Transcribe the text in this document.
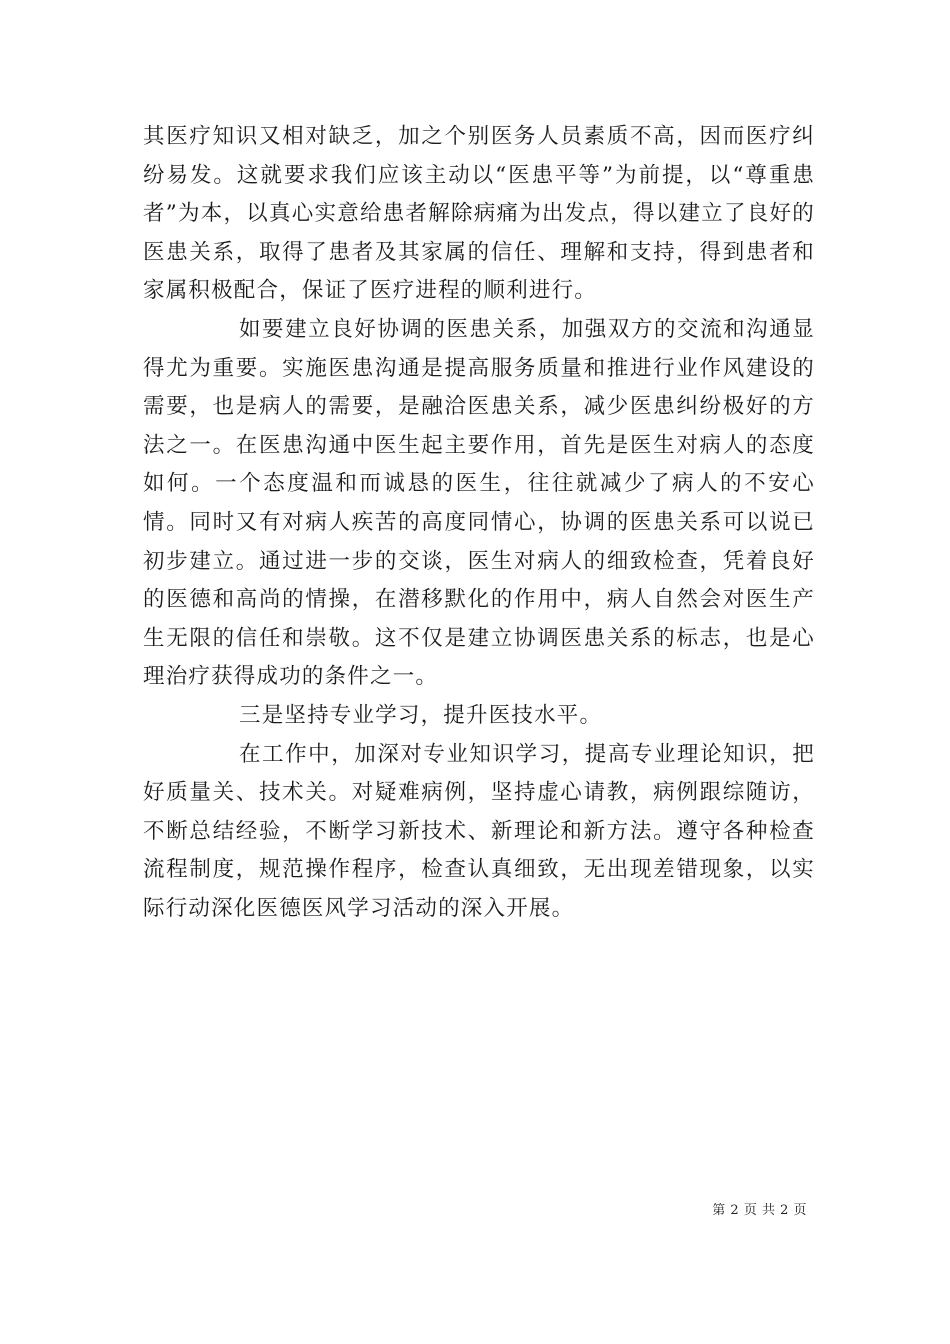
其医疗知识又相对缺乏，加之个别医务人员素质不高，因而医疗纠纷易发。这就要求我们应该主动以“医患平等”为前提，以“尊重患者”为本，以真心实意给患者解除病痛为出发点，得以建立了良好的医患关系，取得了患者及其家属的信任、理解和支持，得到患者和家属积极配合，保证了医疗进程的顺利进行。

如要建立良好协调的医患关系，加强双方的交流和沟通显得尤为重要。实施医患沟通是提高服务质量和推进行业作风建设的需要，也是病人的需要，是融洽医患关系，减少医患纠纷极好的方法之一。在医患沟通中医生起主要作用，首先是医生对病人的态度如何。一个态度温和而诚恳的医生，往往就减少了病人的不安心情。同时又有对病人疾苦的高度同情心，协调的医患关系可以说已初步建立。通过进一步的交谈，医生对病人的细致检查，凭着良好的医德和高尚的情操，在潜移默化的作用中，病人自然会对医生产生无限的信任和崇敬。这不仅是建立协调医患关系的标志，也是心理治疗获得成功的条件之一。

三是坚持专业学习，提升医技水平。

在工作中，加深对专业知识学习，提高专业理论知识，把好质量关、技术关。对疑难病例，坚持虚心请教，病例跟综随访，不断总结经验，不断学习新技术、新理论和新方法。遵守各种检查流程制度，规范操作程序，检查认真细致，无出现差错现象，以实际行动深化医德医风学习活动的深入开展。

第 2 页 共 2 页
